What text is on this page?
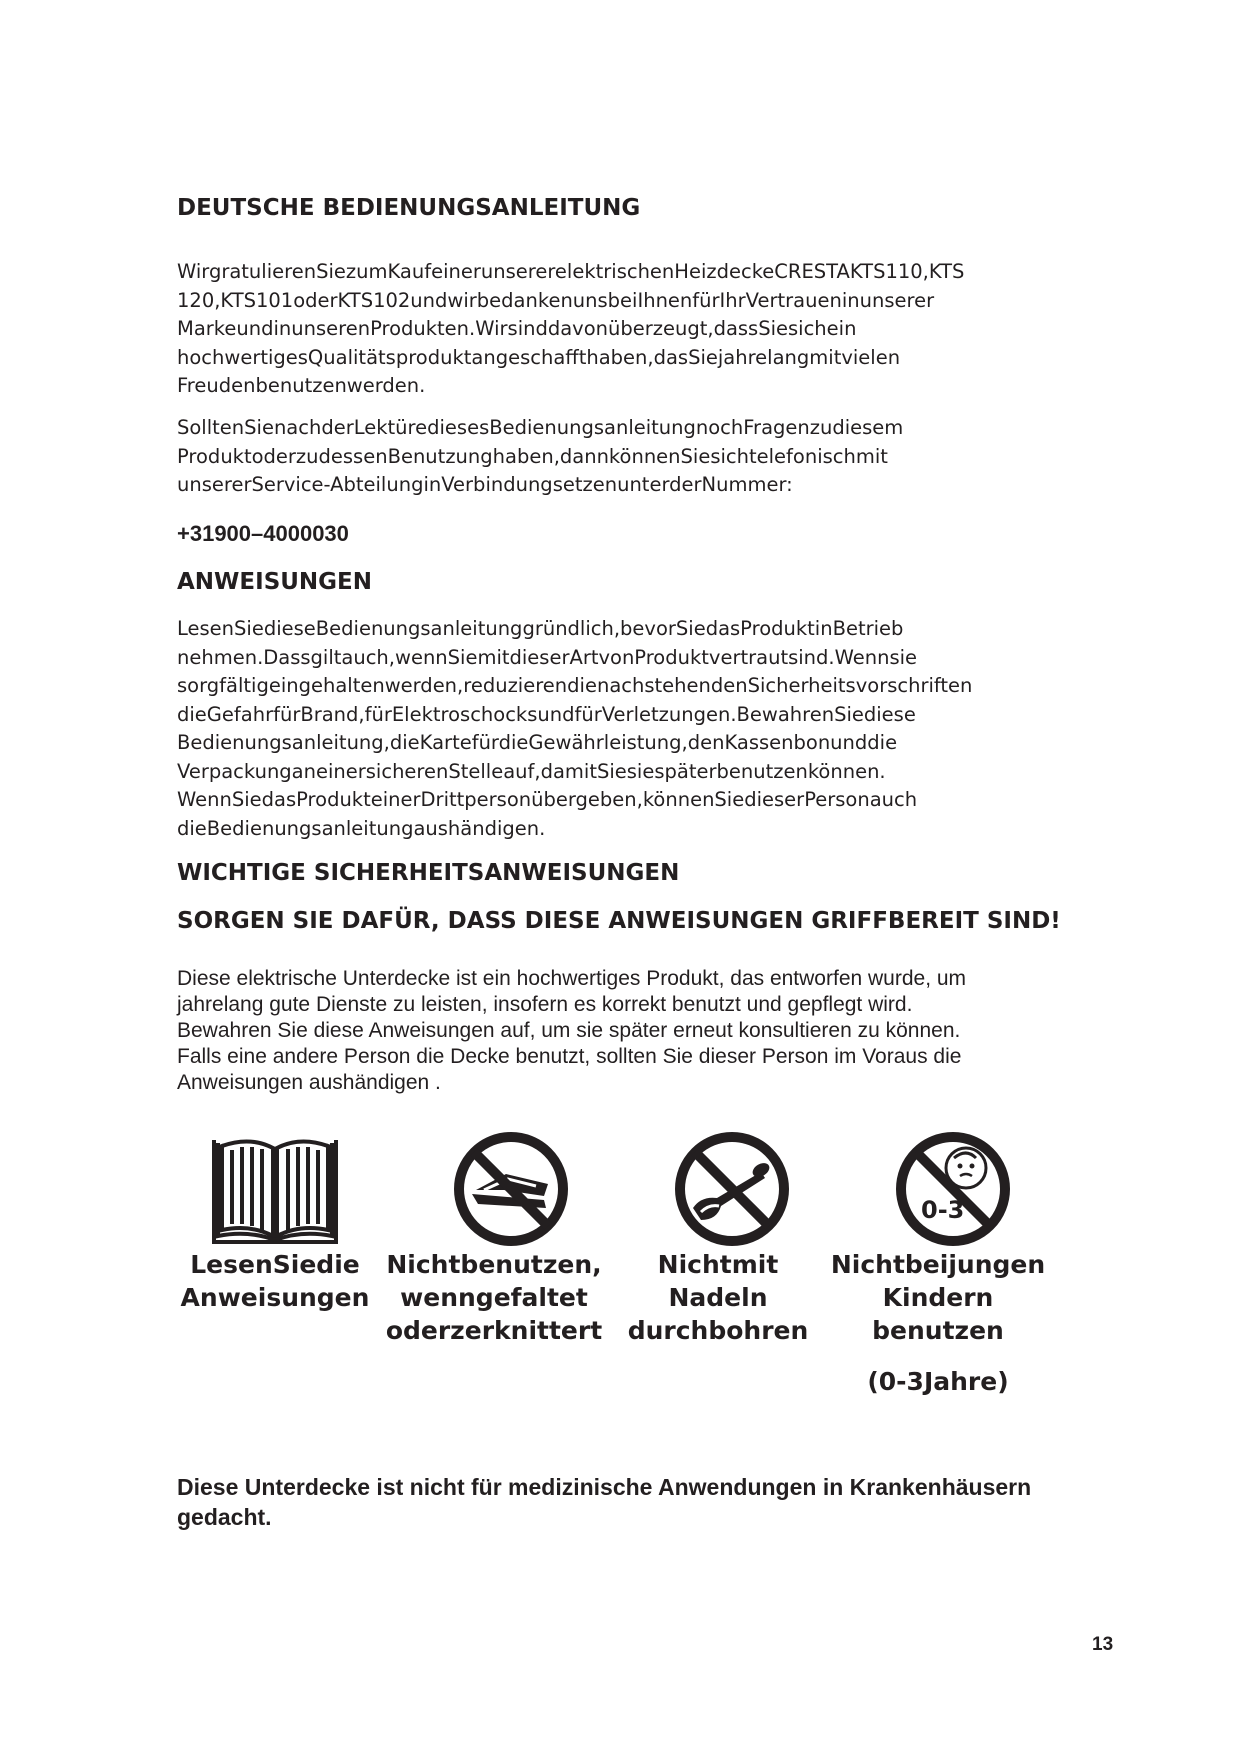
DEUTSCHE BEDIENUNGSANLEITUNG
WirgratulierenSiezumKaufeinerunsererelektrischenHeizdeckeCRESTAKTS110,KTS
120,KTS101oderKTS102undwirbedankenunsbeiIhnenfürIhrVertraueninunserer
MarkeundinunserenProdukten.Wirsinddavonüberzeugt,dassSiesichein
hochwertigesQualitätsproduktangeschaffthaben,dasSiejahrelangmitvielen
Freudenbenutzenwerden.
SolltenSienachderLektürediesesBedienungsanleitungnochFragenzudiesem
ProduktoderzudessenBenutzunghaben,dannkönnenSiesichtelefonischmit
unsererService-AbteilunginVerbindungsetzenunterderNummer:
+31900–4000030
ANWEISUNGEN
LesenSiedieseBedienungsanleitunggründlich,bevorSiedasProduktinBetrieb
nehmen.Dassgiltauch,wennSiemitdieserArtvonProduktvertrautsind.Wennsie
sorgfältigeingehaltenwerden,reduzierendienachstehendenSicherheitsvorschriften
dieGefahrfürBrand,fürElektroschocksundfürVerletzungen.BewahrenSiediese
Bedienungsanleitung,dieKartefürdieGewährleistung,denKassenbonunddie
VerpackunganeinersicherenStelleauf,damitSiesiespäterbenutzenkönnen.
WennSiedasProdukteinerDrittpersonübergeben,könnenSiedieserPersonauch
dieBedienungsanleitungaushändigen.
WICHTIGE SICHERHEITSANWEISUNGEN
SORGEN SIE DAFÜR, DASS DIESE ANWEISUNGEN GRIFFBEREIT SIND!
Diese elektrische Unterdecke ist ein hochwertiges Produkt, das entworfen wurde, um
jahrelang gute Dienste zu leisten, insofern es korrekt benutzt und gepflegt wird.
Bewahren Sie diese Anweisungen auf, um sie später erneut konsultieren zu können.
Falls eine andere Person die Decke benutzt, sollten Sie dieser Person im Voraus die
Anweisungen aushändigen .
0-3
LesenSiedie
Anweisungen
Nichtbenutzen,
wenngefaltet
oderzerknittert
Nichtmit
Nadeln
durchbohren
Nichtbeijungen
Kindern
benutzen
(0-3Jahre)
Diese Unterdecke ist nicht für medizinische Anwendungen in Krankenhäusern
gedacht.
13
